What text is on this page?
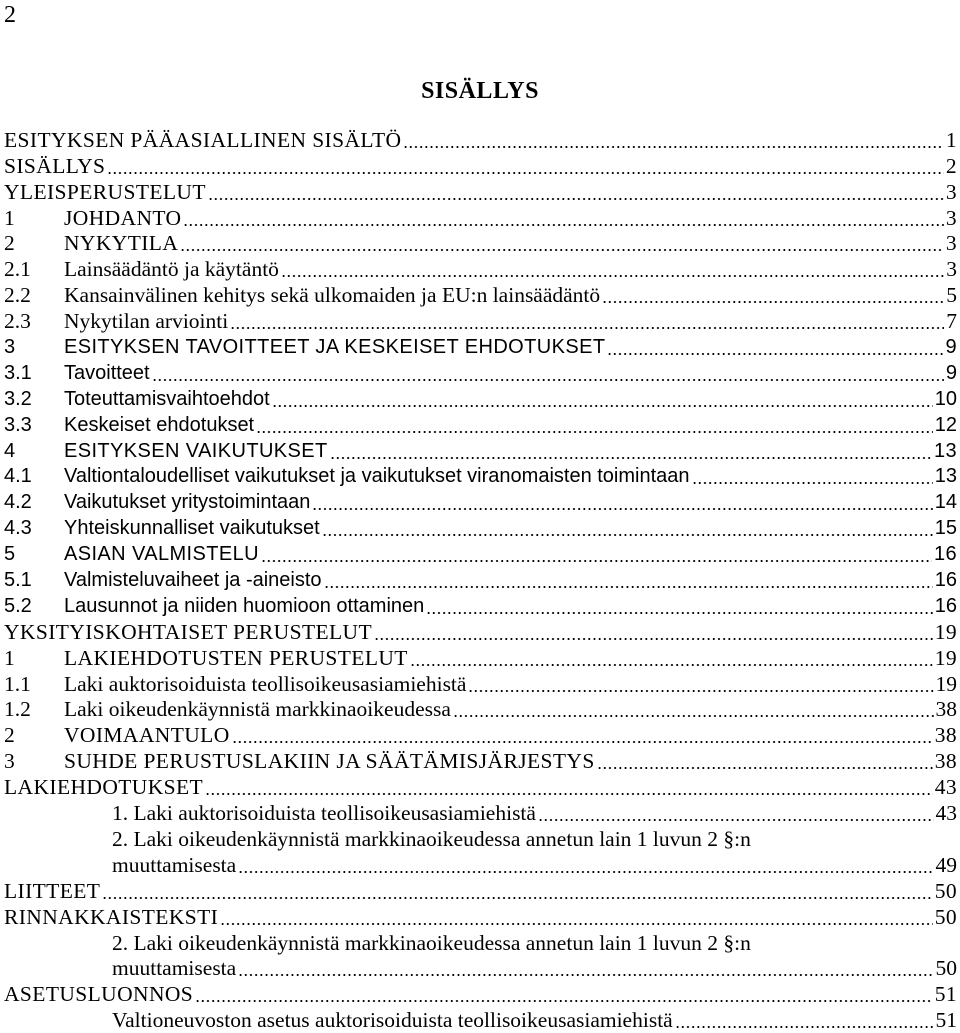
2
SISÄLLYS
ESITYKSEN PÄÄASIALLINEN SISÄLTÖ	1
SISÄLLYS	2
YLEISPERUSTELUT	3
1	JOHDANTO	3
2	NYKYTILA	3
2.1	Lainsäädäntö ja käytäntö	3
2.2	Kansainvälinen kehitys sekä ulkomaiden ja EU:n lainsäädäntö	5
2.3	Nykytilan arviointi	7
3	ESITYKSEN TAVOITTEET JA KESKEISET EHDOTUKSET	9
3.1	Tavoitteet	9
3.2	Toteuttamisvaihtoehdot	10
3.3	Keskeiset ehdotukset	12
4	ESITYKSEN VAIKUTUKSET	13
4.1	Valtiontaloudelliset vaikutukset ja vaikutukset viranomaisten toimintaan	13
4.2	Vaikutukset yritystoimintaan	14
4.3	Yhteiskunnalliset vaikutukset	15
5	ASIAN VALMISTELU	16
5.1	Valmisteluvaiheet ja -aineisto	16
5.2	Lausunnot ja niiden huomioon ottaminen	16
YKSITYISKOHTAISET PERUSTELUT	19
1	LAKIEHDOTUSTEN PERUSTELUT	19
1.1	Laki auktorisoiduista teollisoikeusasiamiehistä	19
1.2	Laki oikeudenkäynnistä markkinaoikeudessa	38
2	VOIMAANTULO	38
3	SUHDE PERUSTUSLAKIIN JA SÄÄTÄMISJÄRJESTYS	38
LAKIEHDOTUKSET	43
1. Laki auktorisoiduista teollisoikeusasiamiehistä	43
2. Laki oikeudenkäynnistä markkinaoikeudessa annetun lain 1 luvun 2 §:n
muuttamisesta	49
LIITTEET	50
RINNAKKAISTEKSTI	50
2. Laki oikeudenkäynnistä markkinaoikeudessa annetun lain 1 luvun 2 §:n
muuttamisesta	50
ASETUSLUONNOS	51
Valtioneuvoston asetus auktorisoiduista teollisoikeusasiamiehistä	51
